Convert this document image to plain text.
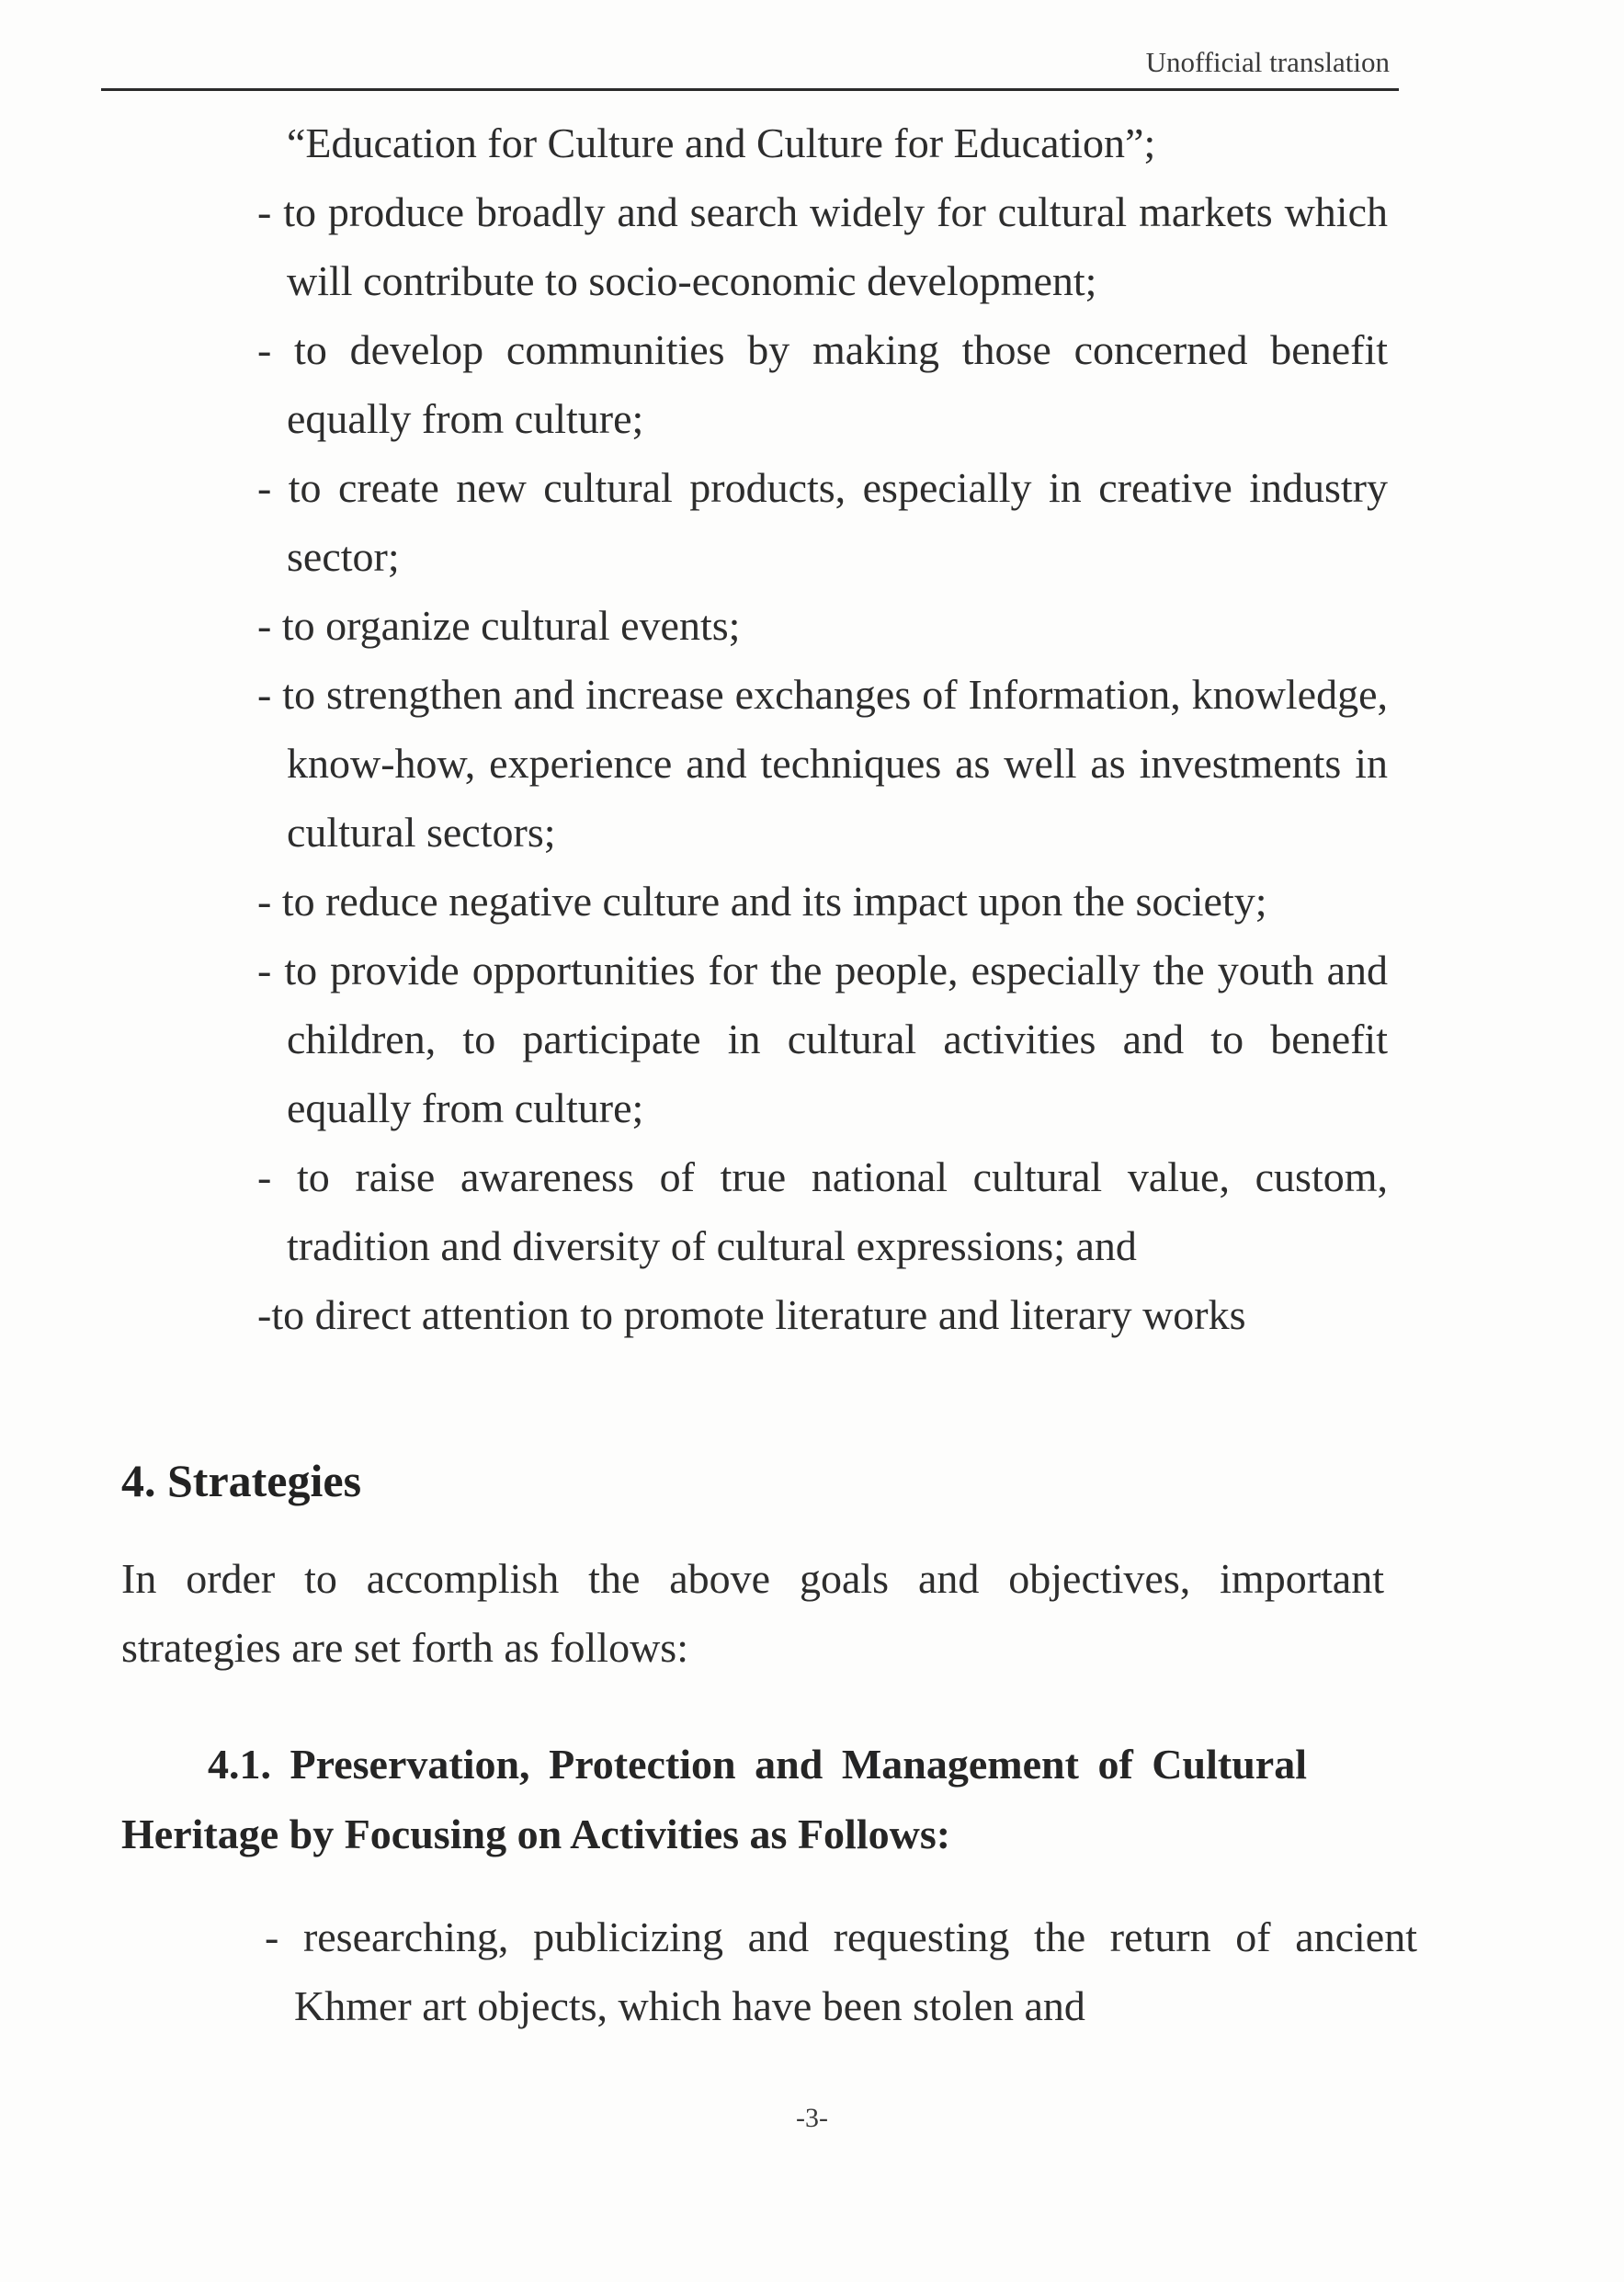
Unofficial translation

“Education for Culture and Culture for Education”;

- to produce broadly and search widely for cultural markets which will contribute to socio-economic development;

- to develop communities by making those concerned benefit equally from culture;

- to create new cultural products, especially in creative industry sector;

- to organize cultural events;

- to strengthen and increase exchanges of Information, knowledge, know-how, experience and techniques as well as investments in cultural sectors;

- to reduce negative culture and its impact upon the society;

- to provide opportunities for the people, especially the youth and children, to participate in cultural activities and to benefit equally from culture;

- to raise awareness of true national cultural value, custom, tradition and diversity of cultural expressions; and

-to direct attention to promote literature and literary works

4. Strategies

In order to accomplish the above goals and objectives, important strategies are set forth as follows:

4.1. Preservation, Protection and Management of Cultural Heritage by Focusing on Activities as Follows:

- researching, publicizing and requesting the return of ancient Khmer art objects, which have been stolen and

-3-
